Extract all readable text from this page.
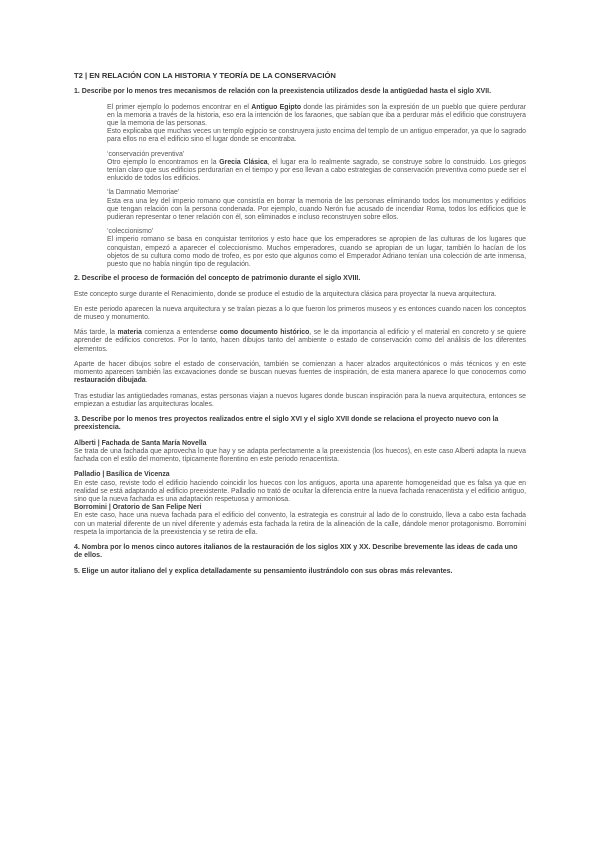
T2 | EN RELACIÓN CON LA HISTORIA Y TEORÍA DE LA CONSERVACIÓN
1. Describe por lo menos tres mecanismos de relación con la preexistencia utilizados desde la antigüedad hasta el siglo XVII.

El primer ejemplo lo podemos encontrar en el Antiguo Egipto donde las pirámides son la expresión de un pueblo que quiere perdurar en la memoria a través de la historia, eso era la intención de los faraones, que sabían que iba a perdurar más el edificio que construyera que la memoria de las personas.

Esto explicaba que muchas veces un templo egipcio se construyera justo encima del templo de un antiguo emperador, ya que lo sagrado para ellos no era el edificio sino el lugar donde se encontraba.

‘conservación preventiva’

Otro ejemplo lo encontramos en la Grecia Clásica, el lugar era lo realmente sagrado, se construye sobre lo construido. Los griegos tenían claro que sus edificios perdurarían en el tiempo y por eso llevan a cabo estrategias de conservación preventiva como puede ser el enlucido de todos los edificios.

‘la Damnatio Memoriae’

Esta era una ley del imperio romano que consistía en borrar la memoria de las personas eliminando todos los monumentos y edificios que tengan relación con la persona condenada. Por ejemplo, cuando Nerón fue acusado de incendiar Roma, todos los edificios que le pudieran representar o tener relación con él, son eliminados e incluso reconstruyen sobre ellos.

‘coleccionismo’

El imperio romano se basa en conquistar territorios y esto hace que los emperadores se apropien de las culturas de los lugares que conquistan, empezó a aparecer el coleccionismo. Muchos emperadores, cuando se apropian de un lugar, también lo hacían de los objetos de su cultura como modo de trofeo, es por esto que algunos como el Emperador Adriano tenían una colección de arte inmensa, puesto que no había ningún tipo de regulación.

2. Describe el proceso de formación del concepto de patrimonio durante el siglo XVIII.

Este concepto surge durante el Renacimiento, donde se produce el estudio de la arquitectura clásica para proyectar la nueva arquitectura.

En este periodo aparecen la nueva arquitectura y se traían piezas a lo que fueron los primeros museos y es entonces cuando nacen los conceptos de museo y monumento.

Más tarde, la materia comienza a entenderse como documento histórico, se le da importancia al edificio y el material en concreto y se quiere aprender de edificios concretos. Por lo tanto, hacen dibujos tanto del ambiente o estado de conservación como del análisis de los diferentes elementos.

Aparte de hacer dibujos sobre el estado de conservación, también se comienzan a hacer alzados arquitectónicos o más técnicos y en este momento aparecen también las excavaciones donde se buscan nuevas fuentes de inspiración, de esta manera aparece lo que conocemos como restauración dibujada.

Tras estudiar las antigüedades romanas, estas personas viajan a nuevos lugares donde buscan inspiración para la nueva arquitectura, entonces se empiezan a estudiar las arquitecturas locales.

3. Describe por lo menos tres proyectos realizados entre el siglo XVI y el siglo XVII donde se relaciona el proyecto nuevo con la preexistencia.
Alberti | Fachada de Santa María Novella

Se trata de una fachada que aprovecha lo que hay y se adapta perfectamente a la preexistencia (los huecos), en este caso Alberti adapta la nueva fachada con el estilo del momento, típicamente florentino en este periodo renacentista.

Palladio | Basílica de Vicenza

En este caso, reviste todo el edificio haciendo coincidir los huecos con los antiguos, aporta una aparente homogeneidad que es falsa ya que en realidad se está adaptando al edificio preexistente. Palladio no trató de ocultar la diferencia entre la nueva fachada renacentista y el edificio antiguo, sino que la nueva fachada es una adaptación respetuosa y armoniosa.

Borromini | Oratorio de San Felipe Neri

En este caso, hace una nueva fachada para el edificio del convento, la estrategia es construir al lado de lo construido, lleva a cabo esta fachada con un material diferente de un nivel diferente y además esta fachada la retira de la alineación de la calle, dándole menor protagonismo. Borromini respeta la importancia de la preexistencia y se retira de ella.

4. Nombra por lo menos cinco autores italianos de la restauración de los siglos XIX y XX. Describe brevemente las ideas de cada uno de ellos.
5. Elige un autor italiano del y explica detalladamente su pensamiento ilustrándolo con sus obras más relevantes.
